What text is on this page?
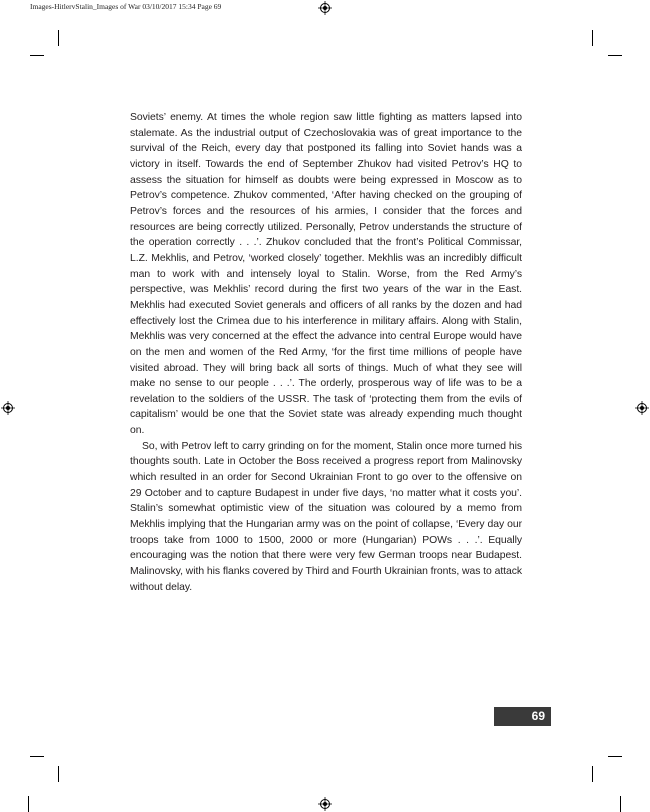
Images-HitlervStalin_Images of War 03/10/2017 15:34 Page 69

Soviets’ enemy. At times the whole region saw little fighting as matters lapsed into stalemate. As the industrial output of Czechoslovakia was of great importance to the survival of the Reich, every day that postponed its falling into Soviet hands was a victory in itself. Towards the end of September Zhukov had visited Petrov’s HQ to assess the situation for himself as doubts were being expressed in Moscow as to Petrov’s competence. Zhukov commented, ‘After having checked on the grouping of Petrov’s forces and the resources of his armies, I consider that the forces and resources are being correctly utilized. Personally, Petrov understands the structure of the operation correctly . . .’. Zhukov concluded that the front’s Political Commissar, L.Z. Mekhlis, and Petrov, ‘worked closely’ together. Mekhlis was an incredibly difficult man to work with and intensely loyal to Stalin. Worse, from the Red Army’s perspective, was Mekhlis’ record during the first two years of the war in the East. Mekhlis had executed Soviet generals and officers of all ranks by the dozen and had effectively lost the Crimea due to his interference in military affairs. Along with Stalin, Mekhlis was very concerned at the effect the advance into central Europe would have on the men and women of the Red Army, ‘for the first time millions of people have visited abroad. They will bring back all sorts of things. Much of what they see will make no sense to our people . . .’. The orderly, prosperous way of life was to be a revelation to the soldiers of the USSR. The task of ‘protecting them from the evils of capitalism’ would be one that the Soviet state was already expending much thought on.

So, with Petrov left to carry grinding on for the moment, Stalin once more turned his thoughts south. Late in October the Boss received a progress report from Malinovsky which resulted in an order for Second Ukrainian Front to go over to the offensive on 29 October and to capture Budapest in under five days, ‘no matter what it costs you’. Stalin’s somewhat optimistic view of the situation was coloured by a memo from Mekhlis implying that the Hungarian army was on the point of collapse, ‘Every day our troops take from 1000 to 1500, 2000 or more (Hungarian) POWs . . .’. Equally encouraging was the notion that there were very few German troops near Budapest. Malinovsky, with his flanks covered by Third and Fourth Ukrainian fronts, was to attack without delay.

69
